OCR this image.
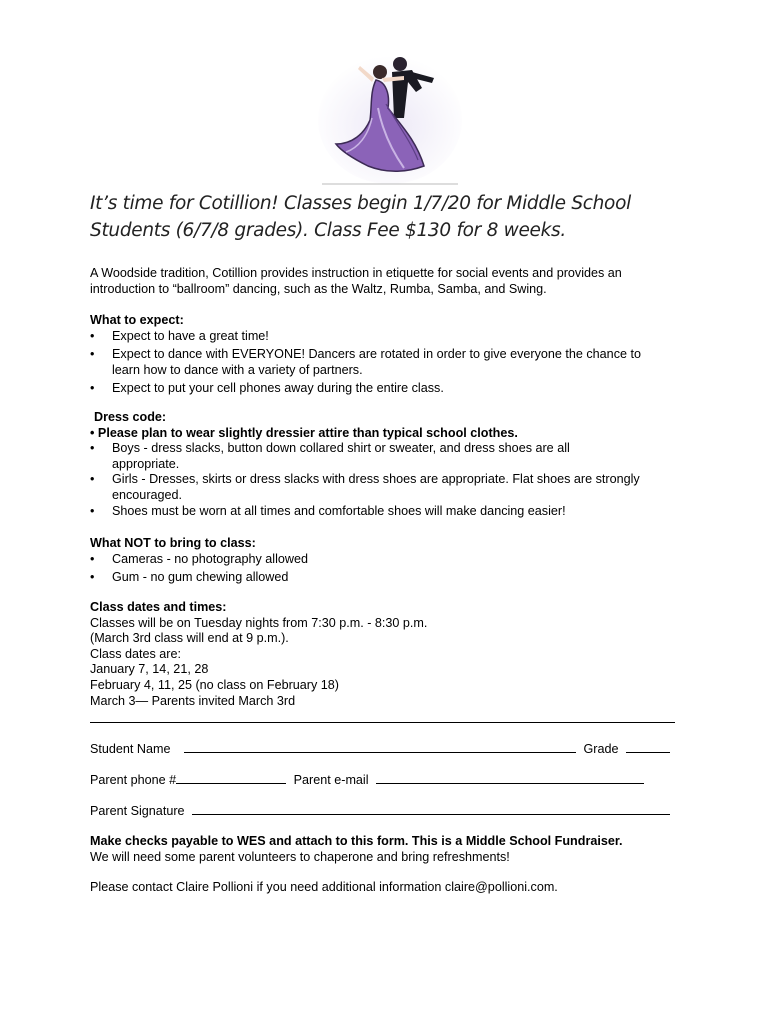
It’s time for Cotillion! Classes begin 1/7/20 for Middle School Students (6/7/8 grades). Class Fee $130 for 8 weeks.
A Woodside tradition, Cotillion provides instruction in etiquette for social events and provides an introduction to “ballroom” dancing, such as the Waltz, Rumba, Samba, and Swing.
What to expect:
• Expect to have a great time!
• Expect to dance with EVERYONE! Dancers are rotated in order to give everyone the chance to learn how to dance with a variety of partners.
• Expect to put your cell phones away during the entire class.
Dress code:
• Please plan to wear slightly dressier attire than typical school clothes.
• Boys - dress slacks, button down collared shirt or sweater, and dress shoes are all appropriate.
• Girls - Dresses, skirts or dress slacks with dress shoes are appropriate. Flat shoes are strongly encouraged.
• Shoes must be worn at all times and comfortable shoes will make dancing easier!
What NOT to bring to class:
• Cameras - no photography allowed
• Gum - no gum chewing allowed
Class dates and times:
Classes will be on Tuesday nights from 7:30 p.m. - 8:30 p.m.
(March 3rd class will end at 9 p.m.).
Class dates are:
January 7, 14, 21, 28
February 4, 11, 25 (no class on February 18)
March 3— Parents invited March 3rd
Student Name	Grade
Parent phone #	Parent e-mail
Parent Signature
Make checks payable to WES and attach to this form. This is a Middle School Fundraiser.
We will need some parent volunteers to chaperone and bring refreshments!
Please contact Claire Pollioni if you need additional information claire@pollioni.com.
